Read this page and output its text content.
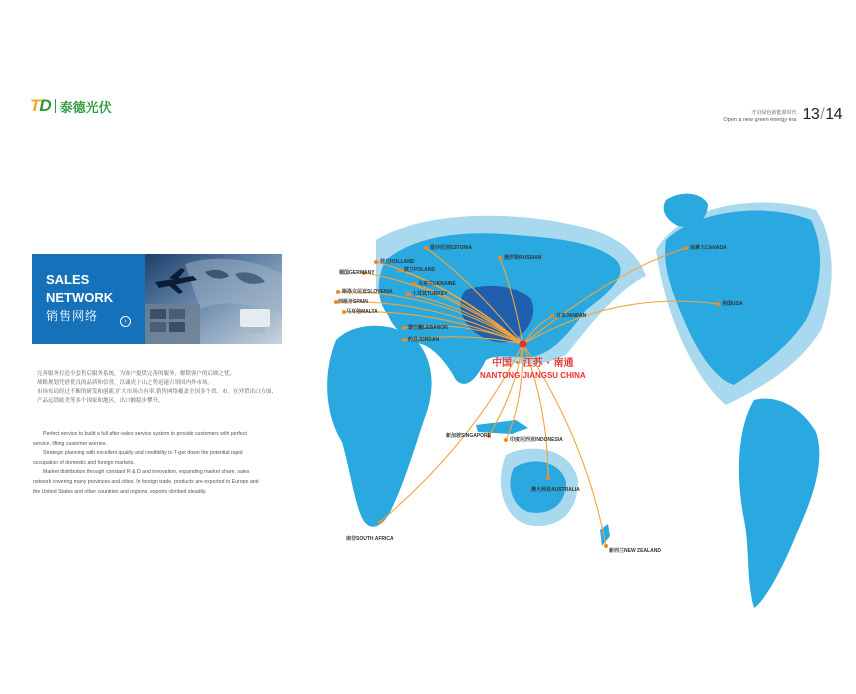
TD 泰德光伏	开启绿色新能源时代
Open a new green energy era 13/14
SALES
NETWORK
销售网络	›

完善服务打造全套售后服务系统，为客户提供完善的服务，解除客户的后顾之忧。

战略规划凭借优良的品质和信誉，以诚虎下山之势迅速占领国内外市场。

市场布局经过不断的研发和创新,扩大市场占有率,销售网络覆盖全国多个省、市。在外贸出口方面,

产品远销欧美等多个国家和地区，出口额稳步攀升。

Perfect service to build a full after-sales service system to provide customers with perfect

service, lifting customer worries.

Strategic planning with excellent quality and credibility to T-ger down the potential rapid

occupation of domestic and foreign markets.

Market distribution through constant R & D and innovation, expanding market share, sales

network covering many provinces and cities. In foreign trade, products are exported to Europe and

the United States and other countries and regions, exports climbed steadily.

中国 · 江苏 · 南通
NANTONG JIANGSU CHINA
爱沙尼亚ESTONIA
荷兰HOLLAND
德国GERMANY	波兰POLAND
俄罗斯RUSSIAN
乌克兰UKRAINE
斯洛文尼亚SLOVENIA
西班牙SPAIN
土耳其TURKEY
马耳他MALTA
黎巴嫩LEBANON
约旦JORDAN
日本JANPAN
加拿大CANADA
美国USA
新加坡SINGAPORE
印度尼西亚INDONESIA
澳大利亚AUSTRALIA
南非SOUTH AFRICA
新西兰NEW ZEALAND
